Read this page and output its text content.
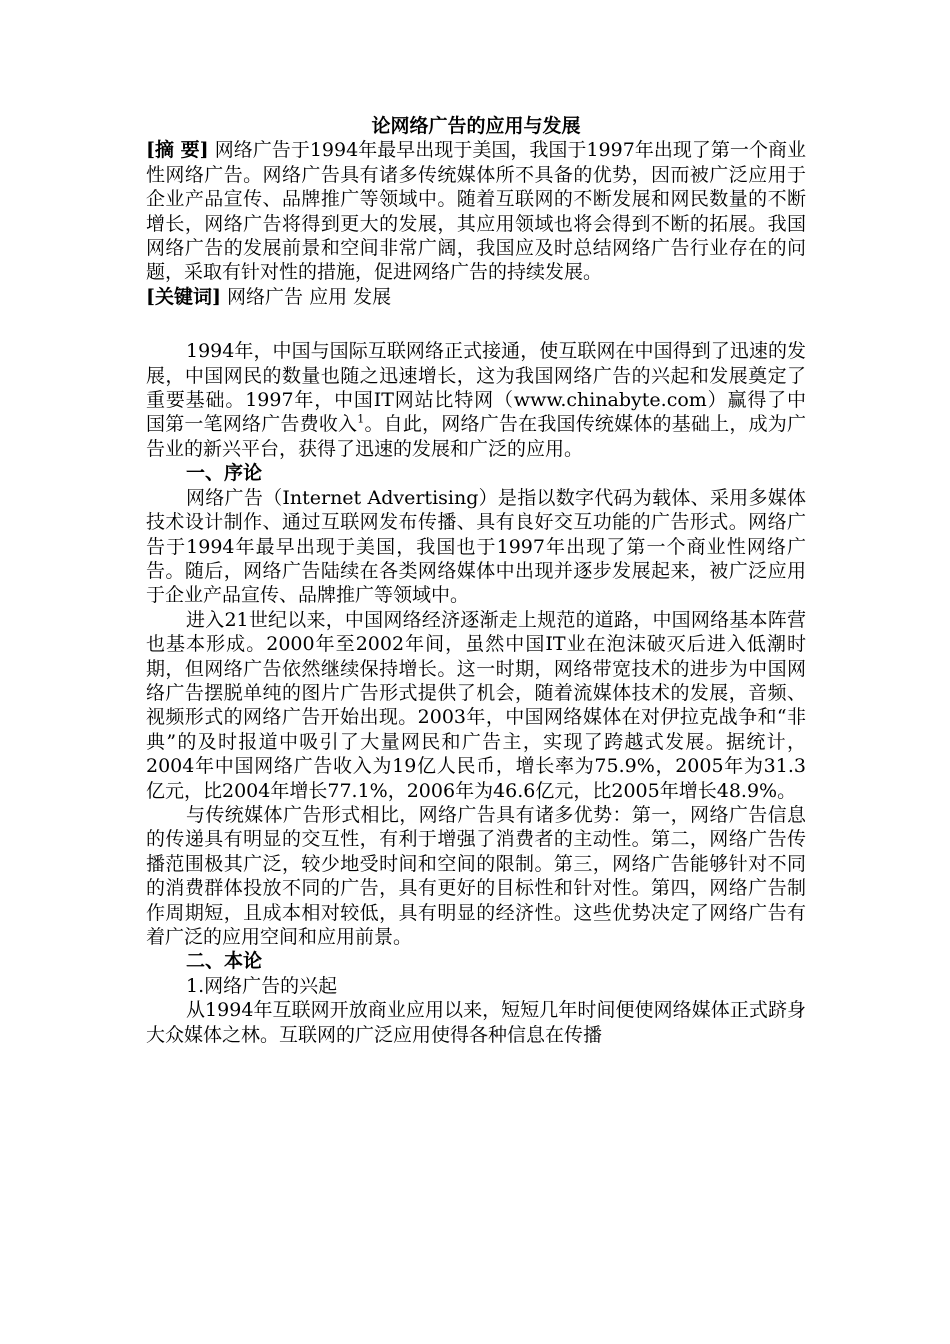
论网络广告的应用与发展

[摘 要] 网络广告于1994年最早出现于美国，我国于1997年出现了第一个商业性网络广告。网络广告具有诸多传统媒体所不具备的优势，因而被广泛应用于企业产品宣传、品牌推广等领域中。随着互联网的不断发展和网民数量的不断增长，网络广告将得到更大的发展，其应用领域也将会得到不断的拓展。我国网络广告的发展前景和空间非常广阔，我国应及时总结网络广告行业存在的问题，采取有针对性的措施，促进网络广告的持续发展。

[关键词] 网络广告 应用 发展

1994年，中国与国际互联网络正式接通，使互联网在中国得到了迅速的发展，中国网民的数量也随之迅速增长，这为我国网络广告的兴起和发展奠定了重要基础。1997年，中国IT网站比特网（www.chinabyte.com）赢得了中国第一笔网络广告费收入$^1$。自此，网络广告在我国传统媒体的基础上，成为广告业的新兴平台，获得了迅速的发展和广泛的应用。

一、序论

网络广告（Internet Advertising）是指以数字代码为载体、采用多媒体技术设计制作、通过互联网发布传播、具有良好交互功能的广告形式。网络广告于1994年最早出现于美国，我国也于1997年出现了第一个商业性网络广告。随后，网络广告陆续在各类网络媒体中出现并逐步发展起来，被广泛应用于企业产品宣传、品牌推广等领域中。

进入21世纪以来，中国网络经济逐渐走上规范的道路，中国网络基本阵营也基本形成。2000年至2002年间，虽然中国IT业在泡沫破灭后进入低潮时期，但网络广告依然继续保持增长。这一时期，网络带宽技术的进步为中国网络广告摆脱单纯的图片广告形式提供了机会，随着流媒体技术的发展，音频、视频形式的网络广告开始出现。2003年，中国网络媒体在对伊拉克战争和“非典”的及时报道中吸引了大量网民和广告主，实现了跨越式发展。据统计，2004年中国网络广告收入为19亿人民币，增长率为75.9%，2005年为31.3亿元，比2004年增长77.1%，2006年为46.6亿元，比2005年增长48.9%。

与传统媒体广告形式相比，网络广告具有诸多优势：第一，网络广告信息的传递具有明显的交互性，有利于增强了消费者的主动性。第二，网络广告传播范围极其广泛，较少地受时间和空间的限制。第三，网络广告能够针对不同的消费群体投放不同的广告，具有更好的目标性和针对性。第四，网络广告制作周期短，且成本相对较低，具有明显的经济性。这些优势决定了网络广告有着广泛的应用空间和应用前景。

二、本论

1.网络广告的兴起

从1994年互联网开放商业应用以来，短短几年时间便使网络媒体正式跻身大众媒体之林。互联网的广泛应用使得各种信息在传播
